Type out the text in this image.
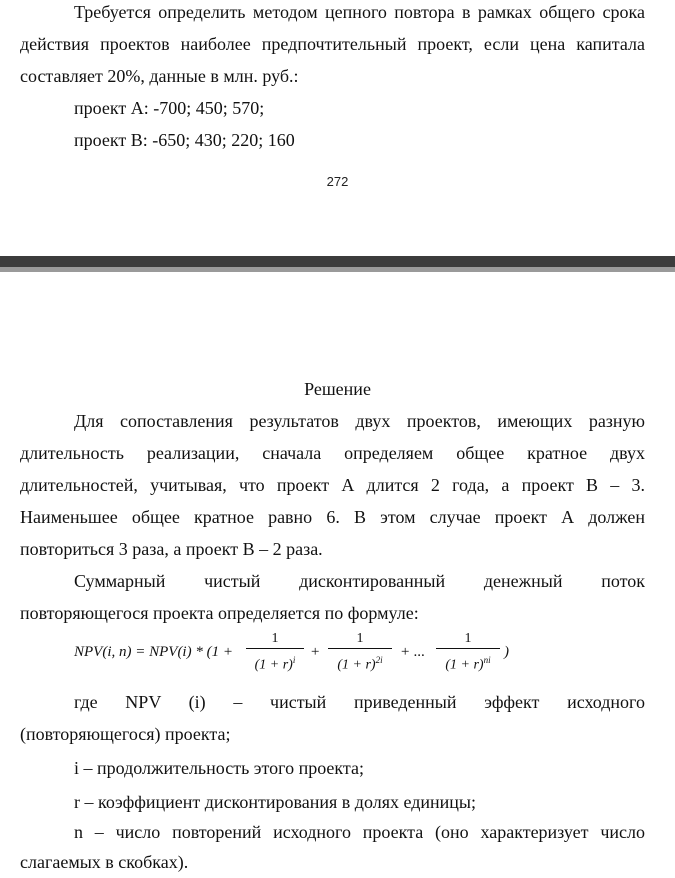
Требуется определить методом цепного повтора в рамках общего срока

действия проектов наиболее предпочтительный проект, если цена капитала

составляет 20%, данные в млн. руб.:

проект А: -700; 450; 570;

проект В: -650; 430; 220; 160

272
Решение

Для сопоставления результатов двух проектов, имеющих разную

длительность реализации, сначала определяем общее кратное двух

длительностей, учитывая, что проект А длится 2 года, а проект В – 3.

Наименьшее общее кратное равно 6. В этом случае проект А должен

повториться 3 раза, а проект В – 2 раза.

Суммарный чистый дисконтированный денежный поток

повторяющегося проекта определяется по формуле:

NPV(i, n) = NPV(i) * (1 +
1
$(1 + r)^i$ +
1
$(1 + r)^{2i}$	+ ...
1
$(1 + r)^{ni}$ )

где NPV (i) – чистый приведенный эффект исходного

(повторяющегося) проекта;

i – продолжительность этого проекта;

r – коэффициент дисконтирования в долях единицы;

n – число повторений исходного проекта (оно характеризует число

слагаемых в скобках).
